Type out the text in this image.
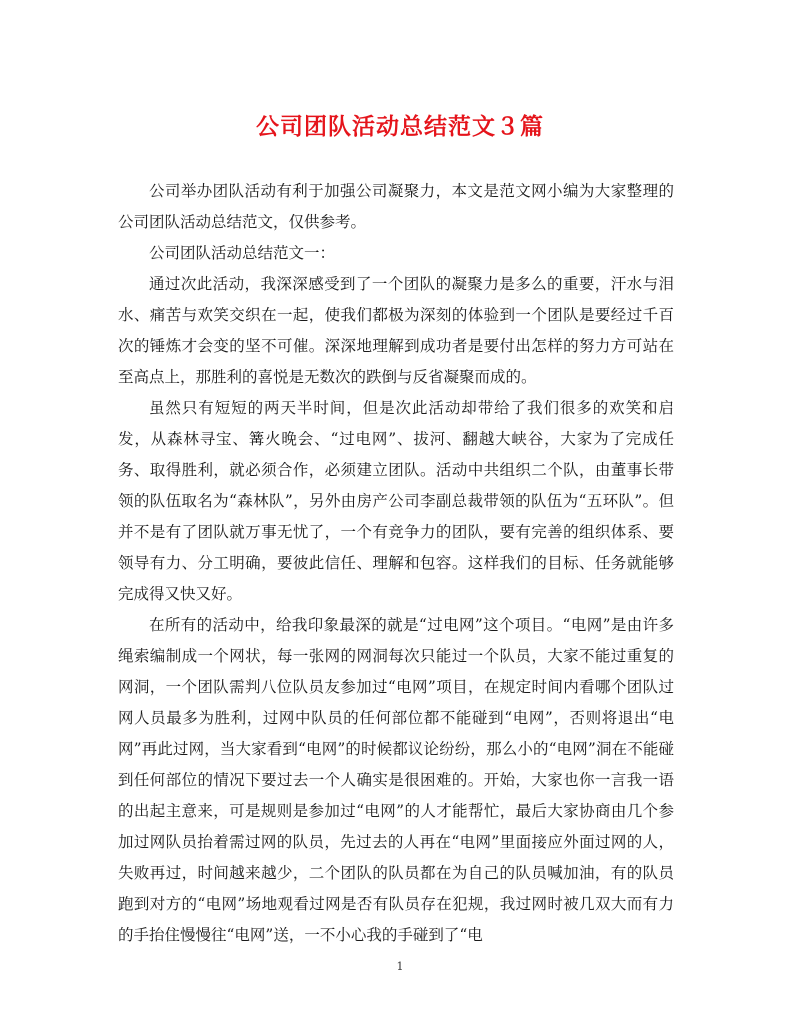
公司团队活动总结范文３篇

公司举办团队活动有利于加强公司凝聚力，本文是范文网小编为大家整理的公司团队活动总结范文，仅供参考。

公司团队活动总结范文一：

通过次此活动，我深深感受到了一个团队的凝聚力是多么的重要，汗水与泪水、痛苦与欢笑交织在一起，使我们都极为深刻的体验到一个团队是要经过千百次的锤炼才会变的坚不可催。深深地理解到成功者是要付出怎样的努力方可站在至高点上，那胜利的喜悦是无数次的跌倒与反省凝聚而成的。

虽然只有短短的两天半时间，但是次此活动却带给了我们很多的欢笑和启发，从森林寻宝、篝火晚会、“过电网”、拔河、翻越大峡谷，大家为了完成任务、取得胜利，就必须合作，必须建立团队。活动中共组织二个队，由董事长带领的队伍取名为“森林队”，另外由房产公司李副总裁带领的队伍为“五环队”。但并不是有了团队就万事无忧了，一个有竞争力的团队，要有完善的组织体系、要领导有力、分工明确，要彼此信任、理解和包容。这样我们的目标、任务就能够完成得又快又好。

在所有的活动中，给我印象最深的就是“过电网”这个项目。“电网”是由许多绳索编制成一个网状，每一张网的网洞每次只能过一个队员，大家不能过重复的网洞，一个团队需判八位队员友参加过“电网”项目，在规定时间内看哪个团队过网人员最多为胜利，过网中队员的任何部位都不能碰到“电网”，否则将退出“电网”再此过网，当大家看到“电网”的时候都议论纷纷，那么小的“电网”洞在不能碰到任何部位的情况下要过去一个人确实是很困难的。开始，大家也你一言我一语的出起主意来，可是规则是参加过“电网”的人才能帮忙，最后大家协商由几个参加过网队员抬着需过网的队员，先过去的人再在“电网”里面接应外面过网的人，失败再过，时间越来越少，二个团队的队员都在为自己的队员喊加油，有的队员跑到对方的“电网”场地观看过网是否有队员存在犯规，我过网时被几双大而有力的手抬住慢慢往“电网”送，一不小心我的手碰到了“电

1
